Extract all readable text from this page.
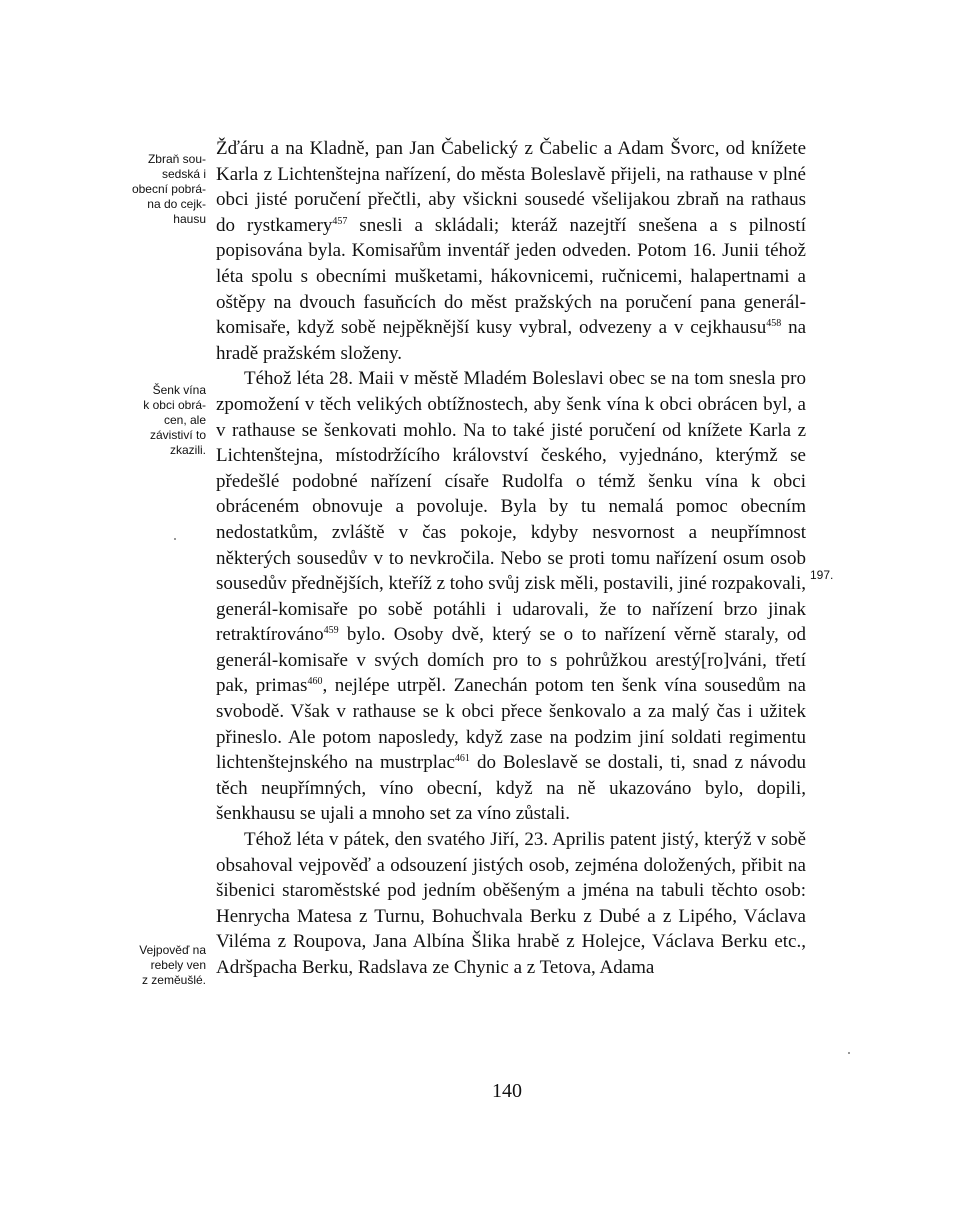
Zbraň sou-
sedská i
obecní pobrá-
na do cejk-
hausu
Šenk vína
k obci obrá-
cen, ale
závistiví to
zkazili.
Vejpověď na
rebely ven
z zeměušlé.

Žďáru a na Kladně, pan Jan Čabelický z Čabelic a Adam Švorc, od knížete Karla z Lichtenštejna nařízení, do města Boleslavě přijeli, na rathause v plné obci jisté poručení přečtli, aby všickni sousedé všelijakou zbraň na rathaus do rystkamery$^{457}$ snesli a skládali; kteráž nazejtří snešena a s pilností popisována byla. Komisařům inventář jeden odveden. Potom 16. Junii téhož léta spolu s obecními mušketami, hákovnicemi, ručnicemi, halapertnami a oštěpy na dvouch fasuňcích do měst pražských na poručení pana generál-komisaře, když sobě nejpěknější kusy vybral, odvezeny a v cejkhausu$^{458}$ na hradě pražském složeny.

Téhož léta 28. Maii v městě Mladém Boleslavi obec se na tom snesla pro zpomožení v těch velikých obtížnostech, aby šenk vína k obci obrácen byl, a v rathause se šenkovati mohlo. Na to také jisté poručení od knížete Karla z Lichtenštejna, místodržícího království českého, vyjednáno, kterýmž se předešlé podobné nařízení císaře Rudolfa o témž šenku vína k obci obráceném obnovuje a povoluje. Byla by tu nemalá pomoc obecním nedostatkům, zvláště v čas pokoje, kdyby nesvornost a neupřímnost některých sousedův v to nevkročila. Nebo se proti tomu nařízení osum osob sousedův přednějších, kteříž z toho svůj zisk měli, postavili, jiné rozpakovali, generál-komisaře po sobě potáhli i udarovali, že to nařízení brzo jinak retraktírováno$^{459}$ bylo. Osoby dvě, který se o to nařízení věrně staraly, od generál-komisaře v svých domích pro to s pohrůžkou arestý[ro]váni, třetí pak, primas$^{460}$, nejlépe utrpěl. Zanechán potom ten šenk vína sousedům na svobodě. Však v rathause se k obci přece šenkovalo a za malý čas i užitek přineslo. Ale potom naposledy, když zase na podzim jiní soldati regimentu lichtenštejnského na mustrplac$^{461}$ do Boleslavě se dostali, ti, snad z návodu těch neupřímných, víno obecní, když na ně ukazováno bylo, dopili, šenkhausu se ujali a mnoho set za víno zůstali.

Téhož léta v pátek, den svatého Jiří, 23. Aprilis patent jistý, kterýž v sobě obsahoval vejpověď a odsouzení jistých osob, zejména doložených, přibit na šibenici staroměstské pod jedním oběšeným a jména na tabuli těchto osob: Henrycha Matesa z Turnu, Bohuchvala Berku z Dubé a z Lipého, Václava Viléma z Roupova, Jana Albína Šlika hrabě z Holejce, Václava Berku etc., Adršpacha Berku, Radslava ze Chynic a z Tetova, Adama

197.
140
